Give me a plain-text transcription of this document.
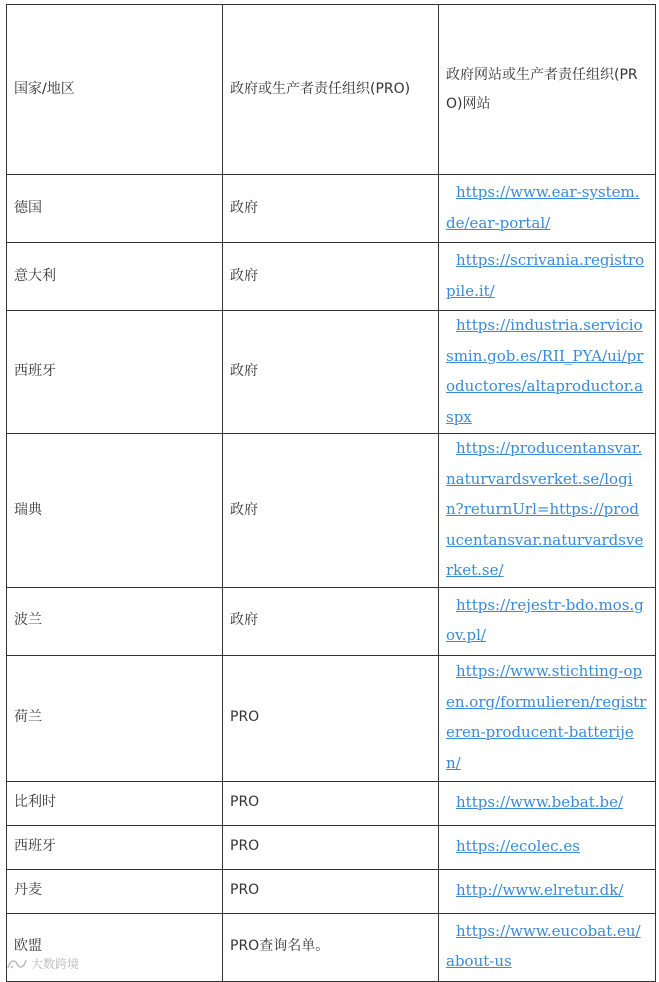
国家/地区	政府或生产者责任组织(PRO)	政府网站或生产者责任组织(PRO)网站
德国	政府	https://www.ear-system.de/ear-portal/
意大利	政府	https://scrivania.registropile.it/
西班牙	政府	https://industria.serviciosmin.gob.es/RII_PYA/ui/productores/altaproductor.aspx
瑞典	政府	https://producentansvar.naturvardsverket.se/login?returnUrl=https://producentansvar.naturvardsverket.se/
波兰	政府	https://rejestr-bdo.mos.gov.pl/
荷兰	PRO	https://www.stichting-open.org/formulieren/registreren-producent-batterijen/
比利时	PRO	https://www.bebat.be/
西班牙	PRO	https://ecolec.es
丹麦	PRO	http://www.elretur.dk/
欧盟	PRO查询名单。	https://www.eucobat.eu/about-us
大数跨境
